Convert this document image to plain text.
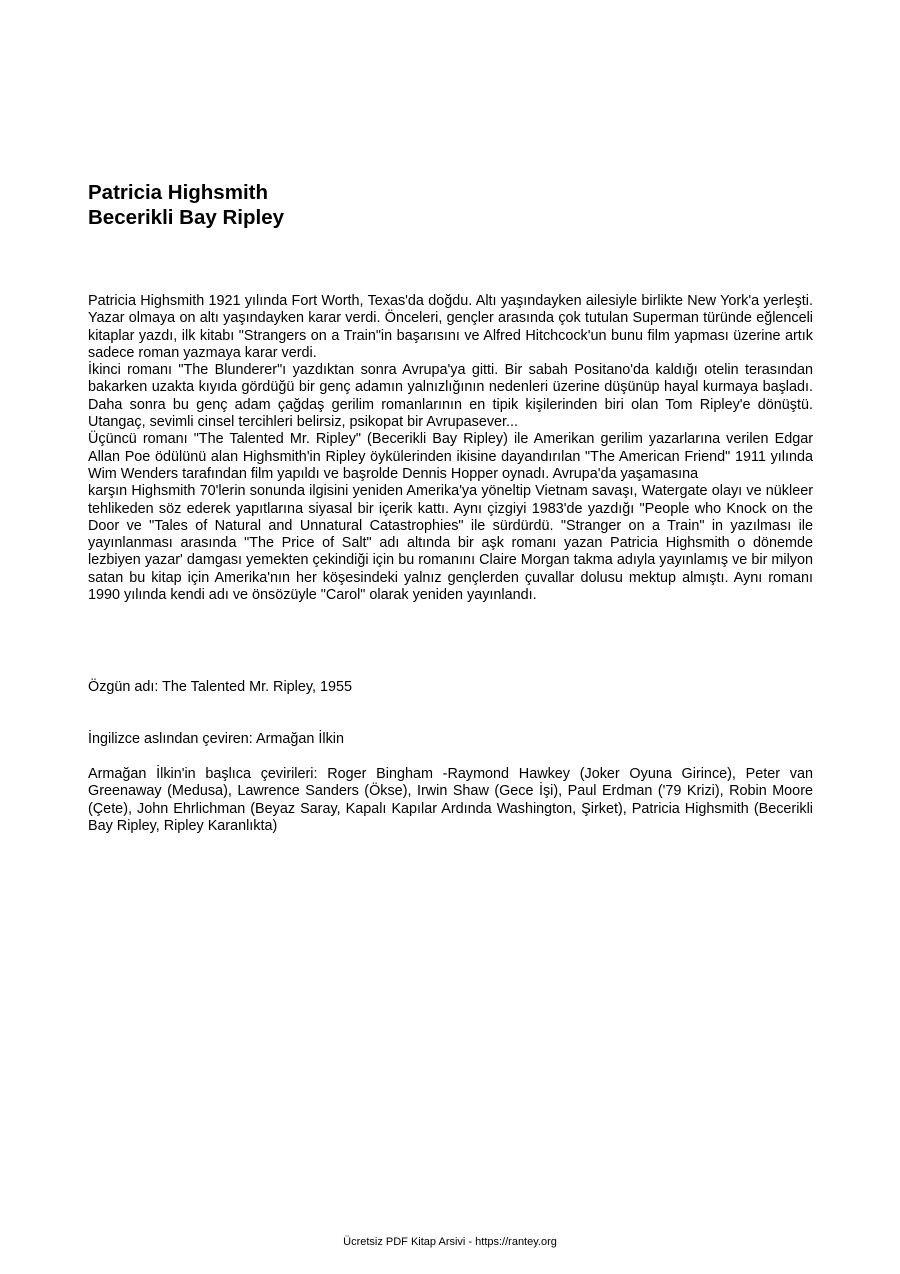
Patricia Highsmith

Becerikli Bay Ripley

Patricia Highsmith 1921 yılında Fort Worth, Texas'da doğdu. Altı yaşındayken ailesiyle birlikte New York'a yerleşti. Yazar olmaya on altı yaşındayken karar verdi. Önceleri, gençler arasında çok tutulan Superman türünde eğlenceli kitaplar yazdı, ilk kitabı "Strangers on a Train"in başarısını ve Alfred Hitchcock'un bunu film yapması üzerine artık sadece roman yazmaya karar verdi.

İkinci romanı "The Blunderer"ı yazdıktan sonra Avrupa'ya gitti. Bir sabah Positano'da kaldığı otelin terasından bakarken uzakta kıyıda gördüğü bir genç adamın yalnızlığının nedenleri üzerine düşünüp hayal kurmaya başladı. Daha sonra bu genç adam çağdaş gerilim romanlarının en tipik kişilerinden biri olan Tom Ripley'e dönüştü. Utangaç, sevimli cinsel tercihleri belirsiz, psikopat bir Avrupasever...

Üçüncü romanı "The Talented Mr. Ripley" (Becerikli Bay Ripley) ile Amerikan gerilim yazarlarına verilen Edgar Allan Poe ödülünü alan Highsmith'in Ripley öykülerinden ikisine dayandırılan "The American Friend" 1911 yılında Wim Wenders tarafından film yapıldı ve başrolde Dennis Hopper oynadı. Avrupa'da yaşamasına

karşın Highsmith 70'lerin sonunda ilgisini yeniden Amerika'ya yöneltip Vietnam savaşı, Watergate olayı ve nükleer tehlikeden söz ederek yapıtlarına siyasal bir içerik kattı. Aynı çizgiyi 1983'de yazdığı "People who Knock on the Door ve "Tales of Natural and Unnatural Catastrophies" ile sürdürdü. "Stranger on a Train" in yazılması ile yayınlanması arasında "The Price of Salt" adı altında bir aşk romanı yazan Patricia Highsmith o dönemde lezbiyen yazar' damgası yemekten çekindiği için bu romanını Claire Morgan takma adıyla yayınlamış ve bir milyon satan bu kitap için Amerika'nın her köşesindeki yalnız gençlerden çuvallar dolusu mektup almıştı. Aynı romanı 1990 yılında kendi adı ve önsözüyle "Carol" olarak yeniden yayınlandı.

Özgün adı: The Talented Mr. Ripley, 1955

İngilizce aslından çeviren: Armağan İlkin

Armağan İlkin'in başlıca çevirileri: Roger Bingham -Raymond Hawkey (Joker Oyuna Girince), Peter van Greenaway (Medusa), Lawrence Sanders (Ökse), Irwin Shaw (Gece İşi), Paul Erdman ('79 Krizi), Robin Moore (Çete), John Ehrlichman (Beyaz Saray, Kapalı Kapılar Ardında Washington, Şirket), Patricia Highsmith (Becerikli Bay Ripley, Ripley Karanlıkta)

Ücretsiz PDF Kitap Arsivi - https://rantey.org
